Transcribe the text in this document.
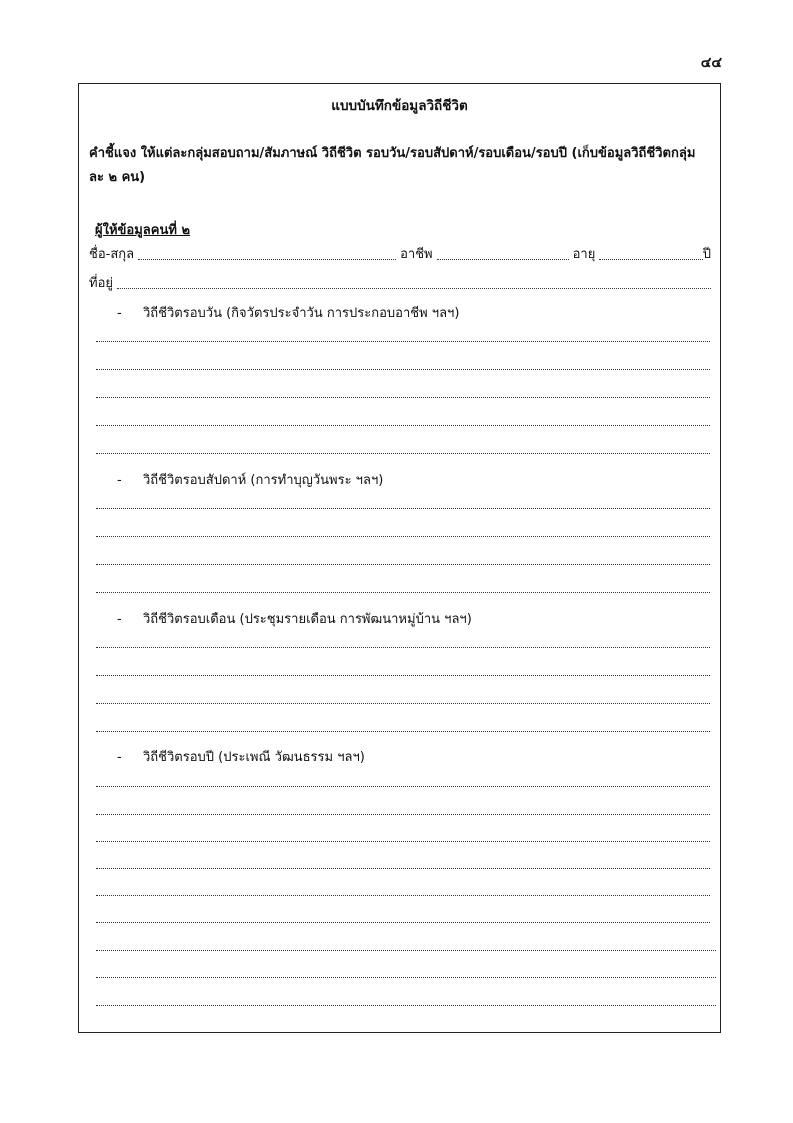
๔๔
แบบบันทึกข้อมูลวิถีชีวิต
คำชี้แจง ให้แต่ละกลุ่มสอบถาม/สัมภาษณ์ วิถีชีวิต รอบวัน/รอบสัปดาห์/รอบเดือน/รอบปี (เก็บข้อมูลวิถีชีวิตกลุ่มละ ๒ คน)
ผู้ให้ข้อมูลคนที่ ๒
ชื่อ-สกุล	อาชีพ	อายุ	ปี
ที่อยู่
- วิถีชีวิตรอบวัน (กิจวัตรประจำวัน การประกอบอาชีพ ฯลฯ)
- วิถีชีวิตรอบสัปดาห์ (การทำบุญวันพระ ฯลฯ)
- วิถีชีวิตรอบเดือน (ประชุมรายเดือน การพัฒนาหมู่บ้าน ฯลฯ)
- วิถีชีวิตรอบปี (ประเพณี วัฒนธรรม ฯลฯ)
